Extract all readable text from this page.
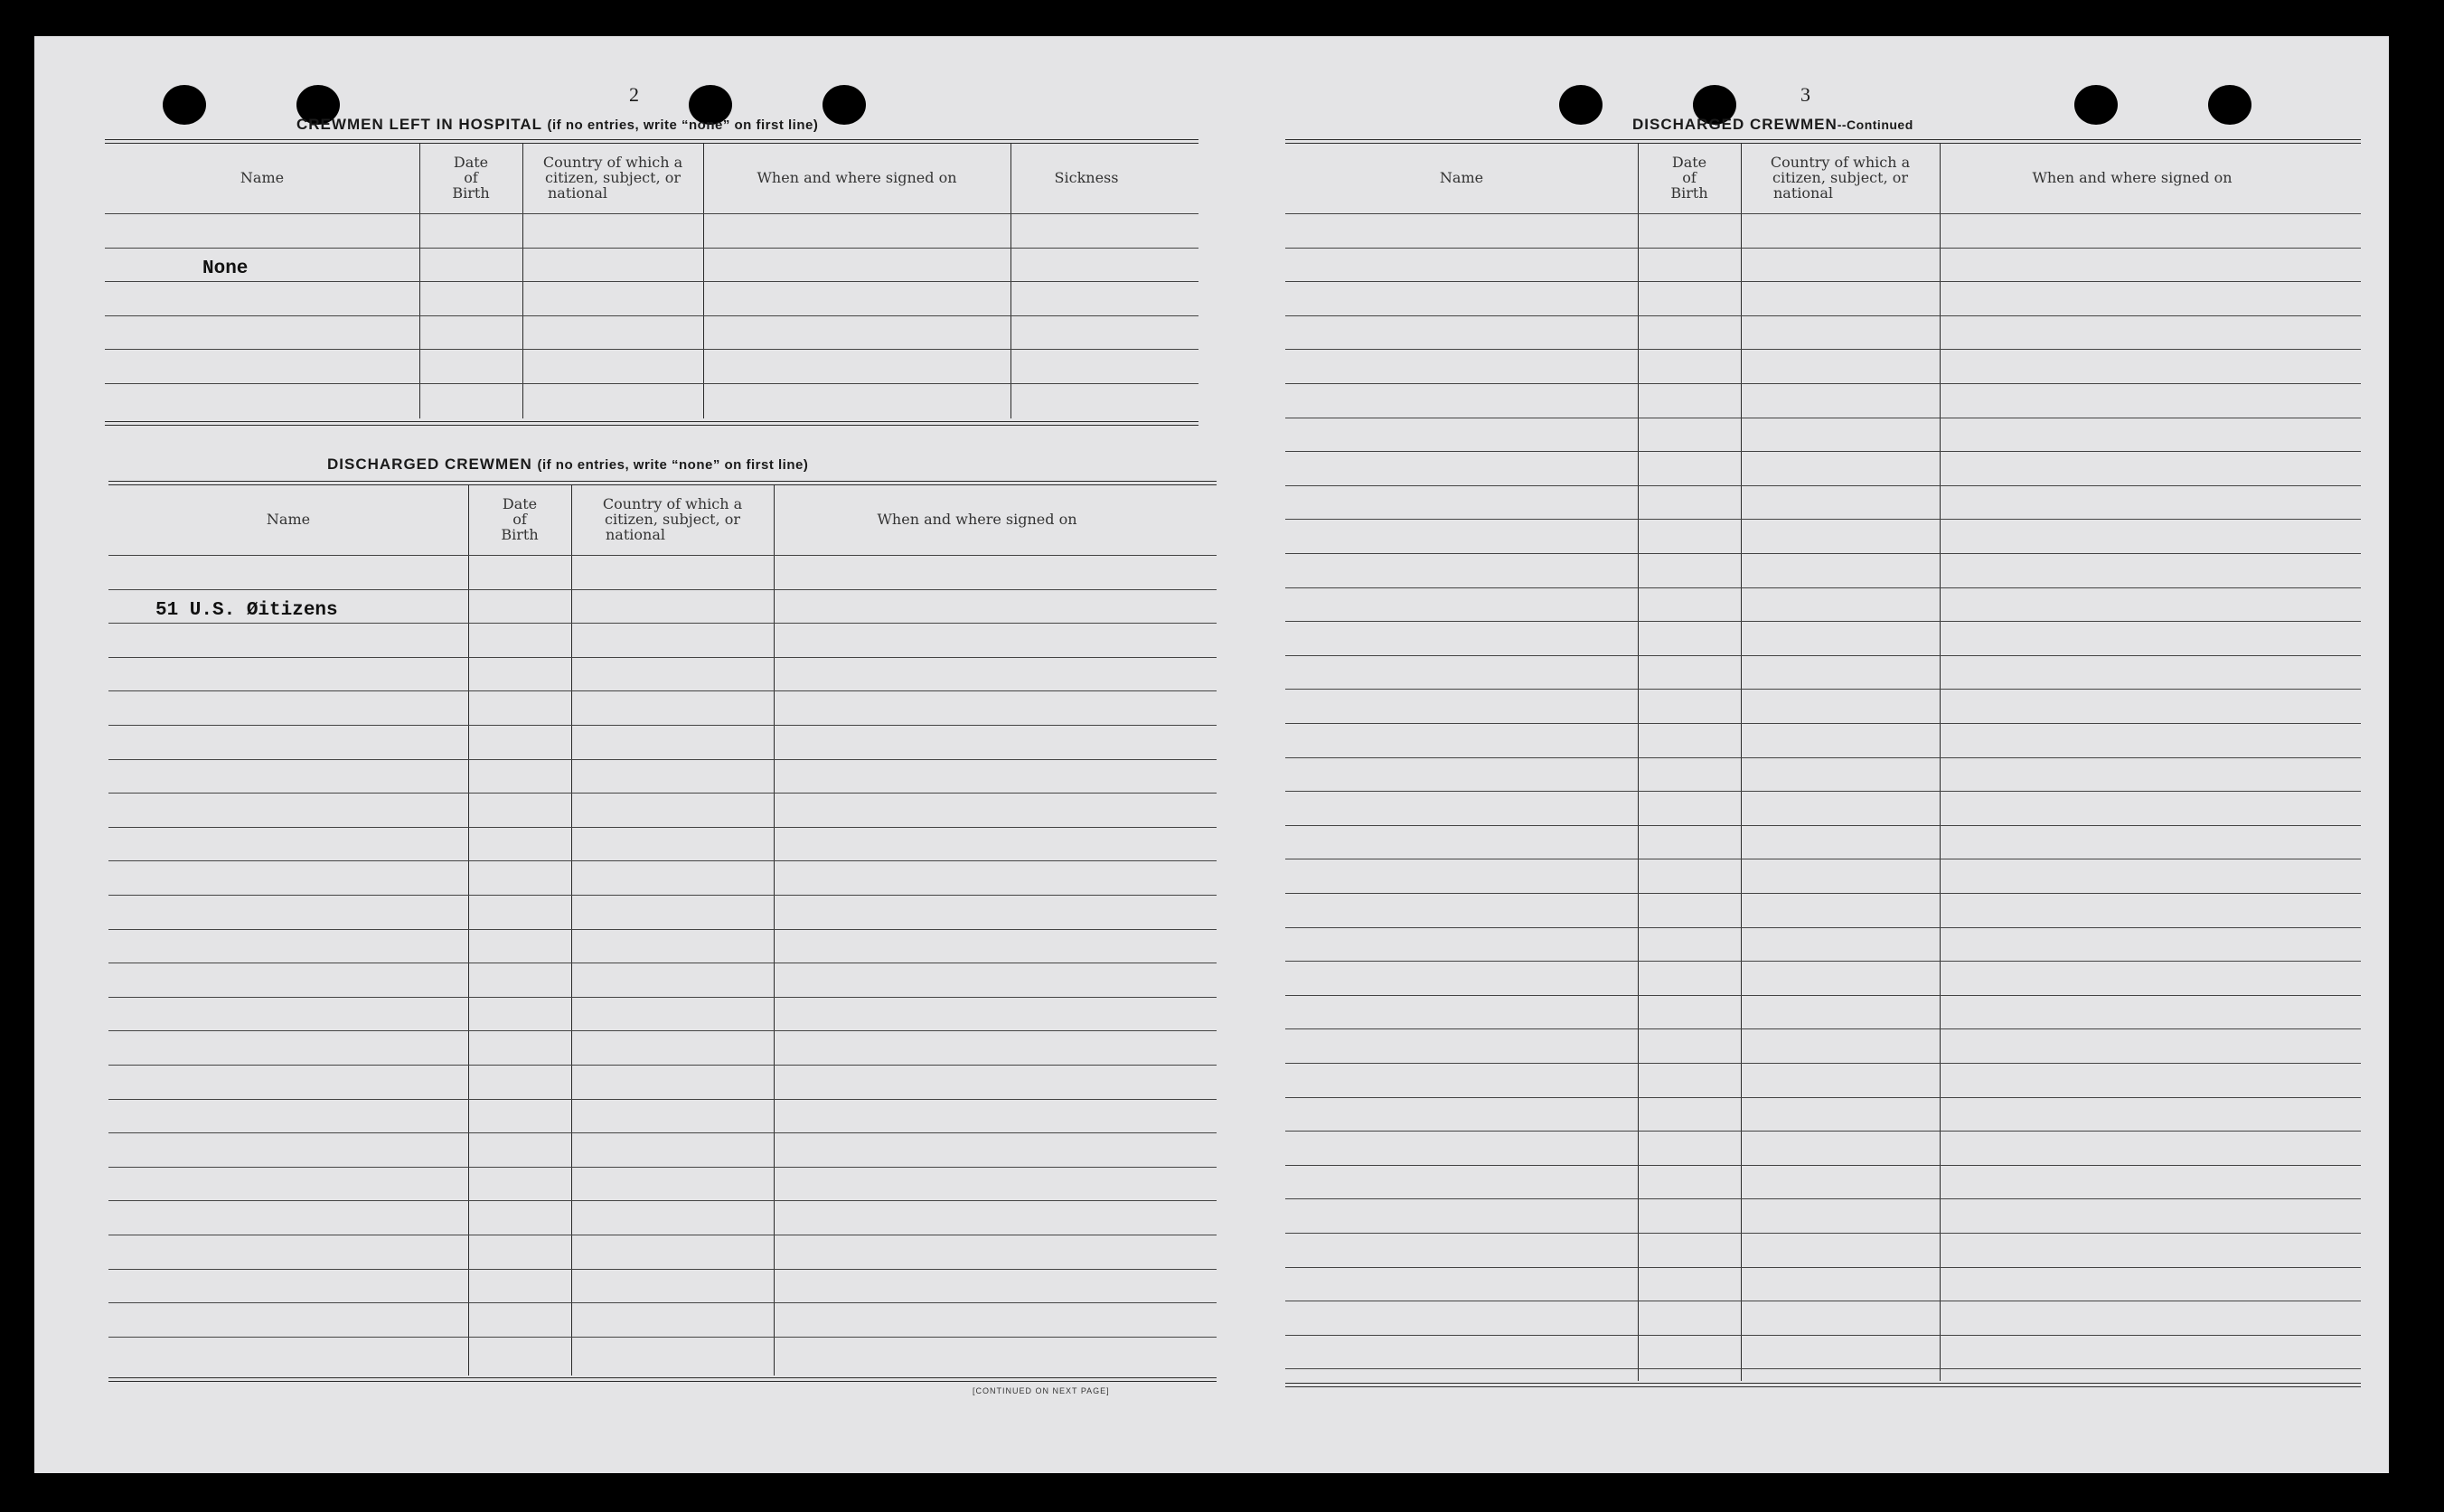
2
CREWMEN LEFT IN HOSPITAL (if no entries, write “none” on first line)
Name
Date
of
Birth
Country of which a
citizen, subject, or
national
When and where signed on	Sickness
None
DISCHARGED CREWMEN (if no entries, write “none” on first line)
Name
Date
of
Birth
Country of which a
citizen, subject, or
national
When and where signed on
51 U.S. Øitizens
[CONTINUED ON NEXT PAGE]
3
DISCHARGED CREWMEN--Continued
Name
Date
of
Birth
Country of which a
citizen, subject, or
national
When and where signed on
